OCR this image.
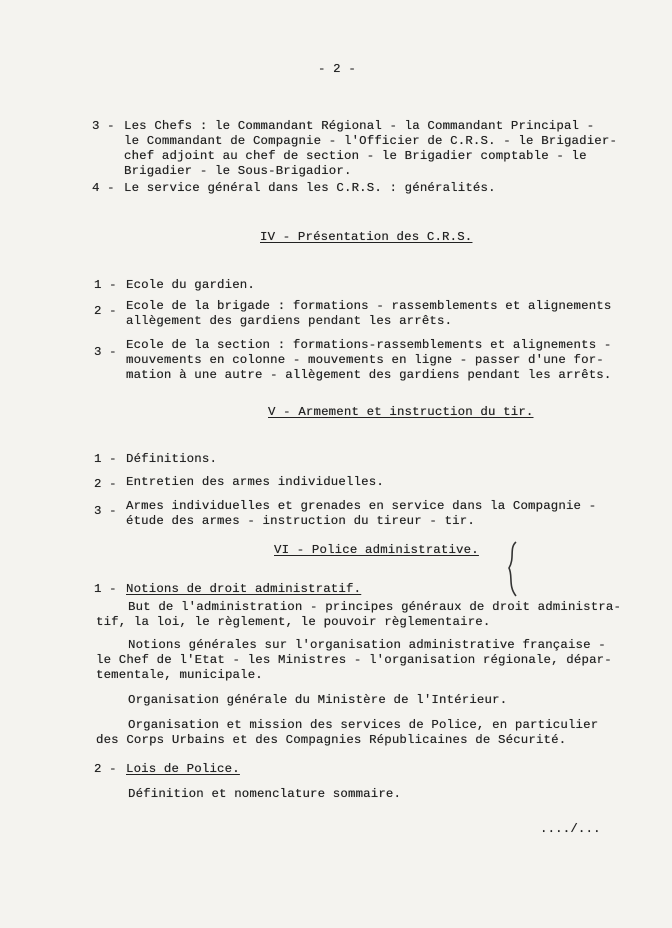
- 2 -
3 - Les Chefs : le Commandant Régional - la Commandant Principal -
le Commandant de Compagnie - l'Officier de C.R.S. - le Brigadier-
chef adjoint au chef de section - le Brigadier comptable - le
Brigadier - le Sous-Brigadior.
4 - Le service général dans les C.R.S. : généralités.
IV - Présentation des C.R.S.
1 - Ecole du gardien.
2 - Ecole de la brigade : formations - rassemblements et alignements
allègement des gardiens pendant les arrêts.
3 - Ecole de la section : formations-rassemblements et alignements -
mouvements en colonne - mouvements en ligne - passer d'une for-
mation à une autre - allègement des gardiens pendant les arrêts.
V - Armement et instruction du tir.
1 - Définitions.
2 - Entretien des armes individuelles.
3 - Armes individuelles et grenades en service dans la Compagnie -
étude des armes - instruction du tireur - tir.
VI - Police administrative.
1 - Notions de droit administratif.
But de l'administration - principes généraux de droit administra-
tif, la loi, le règlement, le pouvoir règlementaire.
Notions générales sur l'organisation administrative française -
le Chef de l'Etat - les Ministres - l'organisation régionale, dépar-
tementale, municipale.
Organisation générale du Ministère de l'Intérieur.
Organisation et mission des services de Police, en particulier
des Corps Urbains et des Compagnies Républicaines de Sécurité.
2 - Lois de Police.
Définition et nomenclature sommaire.
..../...
